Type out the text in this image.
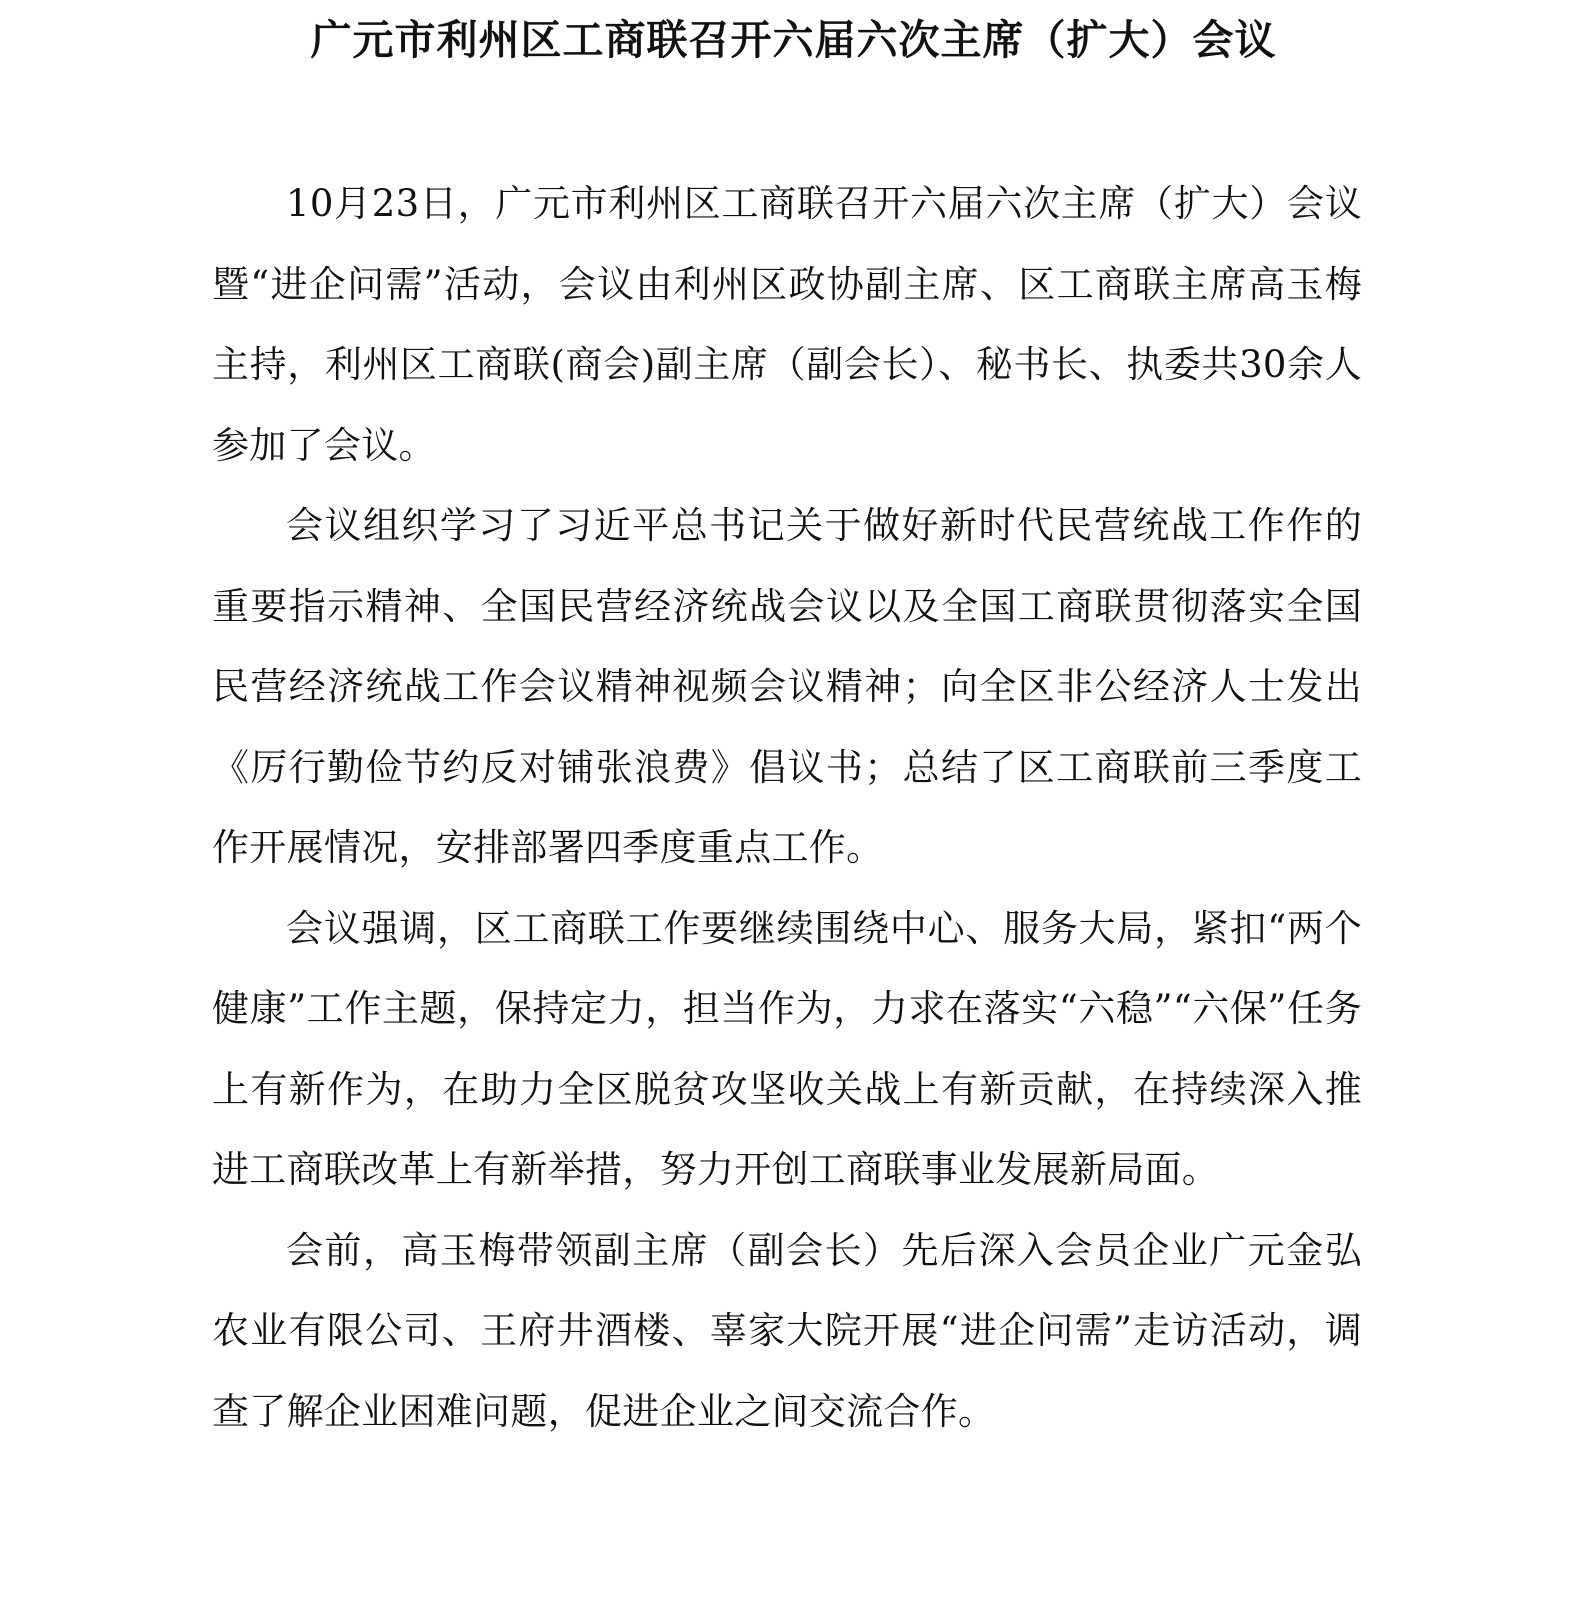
广元市利州区工商联召开六届六次主席（扩大）会议

10月23日，广元市利州区工商联召开六届六次主席（扩大）会议暨“进企问需”活动，会议由利州区政协副主席、区工商联主席高玉梅主持，利州区工商联(商会)副主席（副会长）、秘书长、执委共30余人参加了会议。

会议组织学习了习近平总书记关于做好新时代民营统战工作作的重要指示精神、全国民营经济统战会议以及全国工商联贯彻落实全国民营经济统战工作会议精神视频会议精神；向全区非公经济人士发出《厉行勤俭节约反对铺张浪费》倡议书；总结了区工商联前三季度工作开展情况，安排部署四季度重点工作。

会议强调，区工商联工作要继续围绕中心、服务大局，紧扣“两个健康”工作主题，保持定力，担当作为，力求在落实“六稳”“六保”任务上有新作为，在助力全区脱贫攻坚收关战上有新贡献，在持续深入推进工商联改革上有新举措，努力开创工商联事业发展新局面。

会前，高玉梅带领副主席（副会长）先后深入会员企业广元金弘农业有限公司、王府井酒楼、辜家大院开展“进企问需”走访活动，调查了解企业困难问题，促进企业之间交流合作。
